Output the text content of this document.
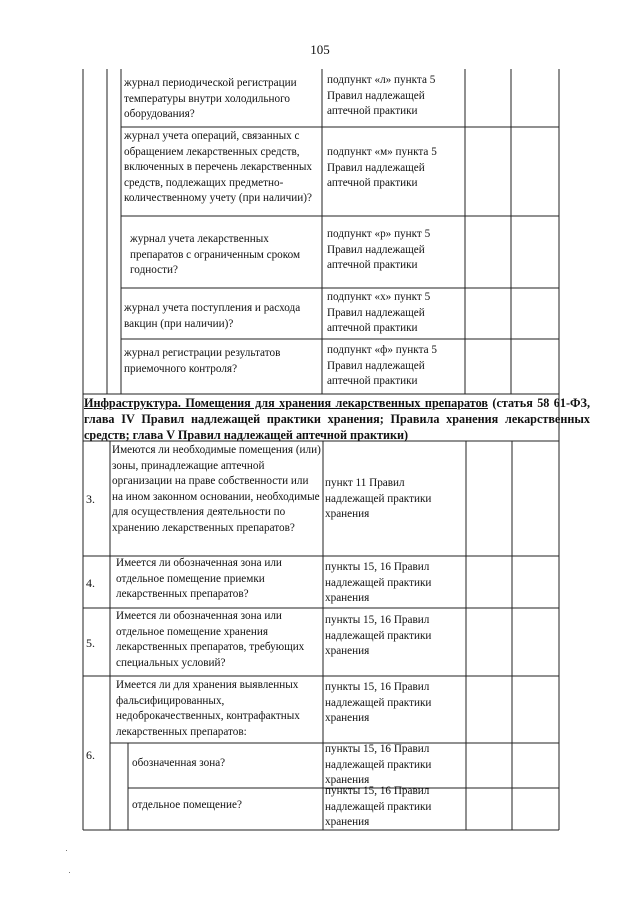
105
журнал периодической регистрации температуры внутри холодильного оборудования?
подпункт «л» пункта 5 Правил надлежащей аптечной практики
журнал учета операций, связанных с обращением лекарственных средств, включенных в перечень лекарственных средств, подлежащих предметно-количественному учету (при наличии)?
подпункт «м» пункта 5 Правил надлежащей аптечной практики
журнал учета лекарственных препаратов с ограниченным сроком годности?
подпункт «р» пункт 5 Правил надлежащей аптечной практики
журнал учета поступления и расхода вакцин (при наличии)?
подпункт «х» пункт 5 Правил надлежащей аптечной практики
журнал регистрации результатов приемочного контроля?
подпункт «ф» пункта 5 Правил надлежащей аптечной практики
Инфраструктура. Помещения для хранения лекарственных препаратов (статья 58 61-ФЗ, глава IV Правил надлежащей практики хранения; Правила хранения лекарственных средств; глава V Правил надлежащей аптечной практики)
3.
Имеются ли необходимые помещения (или) зоны, принадлежащие аптечной организации на праве собственности или на ином законном основании, необходимые для осуществления деятельности по хранению лекарственных препаратов?
пункт 11 Правил надлежащей практики хранения
4.
Имеется ли обозначенная зона или отдельное помещение приемки лекарственных препаратов?
пункты 15, 16 Правил надлежащей практики хранения
5.
Имеется ли обозначенная зона или отдельное помещение хранения лекарственных препаратов, требующих специальных условий?
пункты 15, 16 Правил надлежащей практики хранения
6.
Имеется ли для хранения выявленных фальсифицированных, недоброкачественных, контрафактных лекарственных препаратов:
пункты 15, 16 Правил надлежащей практики хранения
обозначенная зона?
пункты 15, 16 Правил надлежащей практики хранения
отдельное помещение?
пункты 15, 16 Правил надлежащей практики хранения
